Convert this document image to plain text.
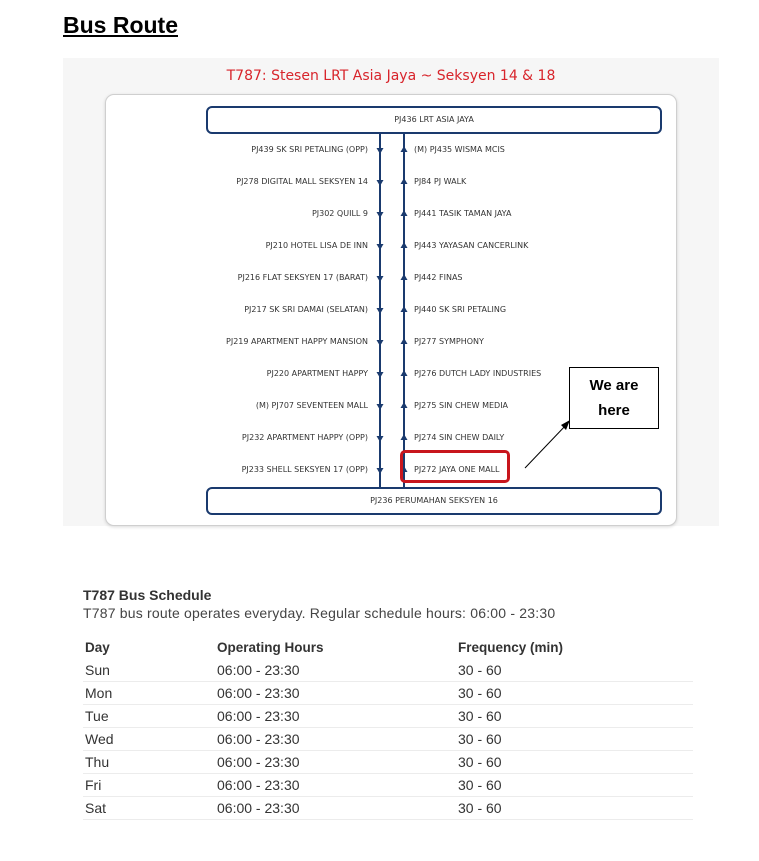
Bus Route
T787: Stesen LRT Asia Jaya ~ Seksyen 14 & 18
PJ436 LRT ASIA JAYA
PJ439 SK SRI PETALING (OPP)
PJ278 DIGITAL MALL SEKSYEN 14
PJ302 QUILL 9
PJ210 HOTEL LISA DE INN
PJ216 FLAT SEKSYEN 17 (BARAT)
PJ217 SK SRI DAMAI (SELATAN)
PJ219 APARTMENT HAPPY MANSION
PJ220 APARTMENT HAPPY
(M) PJ707 SEVENTEEN MALL
PJ232 APARTMENT HAPPY (OPP)
PJ233 SHELL SEKSYEN 17 (OPP)
(M) PJ435 WISMA MCIS
PJ84 PJ WALK
PJ441 TASIK TAMAN JAYA
PJ443 YAYASAN CANCERLINK
PJ442 FINAS
PJ440 SK SRI PETALING
PJ277 SYMPHONY
PJ276 DUTCH LADY INDUSTRIES
PJ275 SIN CHEW MEDIA
PJ274 SIN CHEW DAILY
PJ272 JAYA ONE MALL
PJ236 PERUMAHAN SEKSYEN 16
We are
here

T787 Bus Schedule

T787 bus route operates everyday. Regular schedule hours: 06:00 - 23:30

Day	Operating Hours	Frequency (min)
Sun	06:00 - 23:30	30 - 60
Mon	06:00 - 23:30	30 - 60
Tue	06:00 - 23:30	30 - 60
Wed	06:00 - 23:30	30 - 60
Thu	06:00 - 23:30	30 - 60
Fri	06:00 - 23:30	30 - 60
Sat	06:00 - 23:30	30 - 60
